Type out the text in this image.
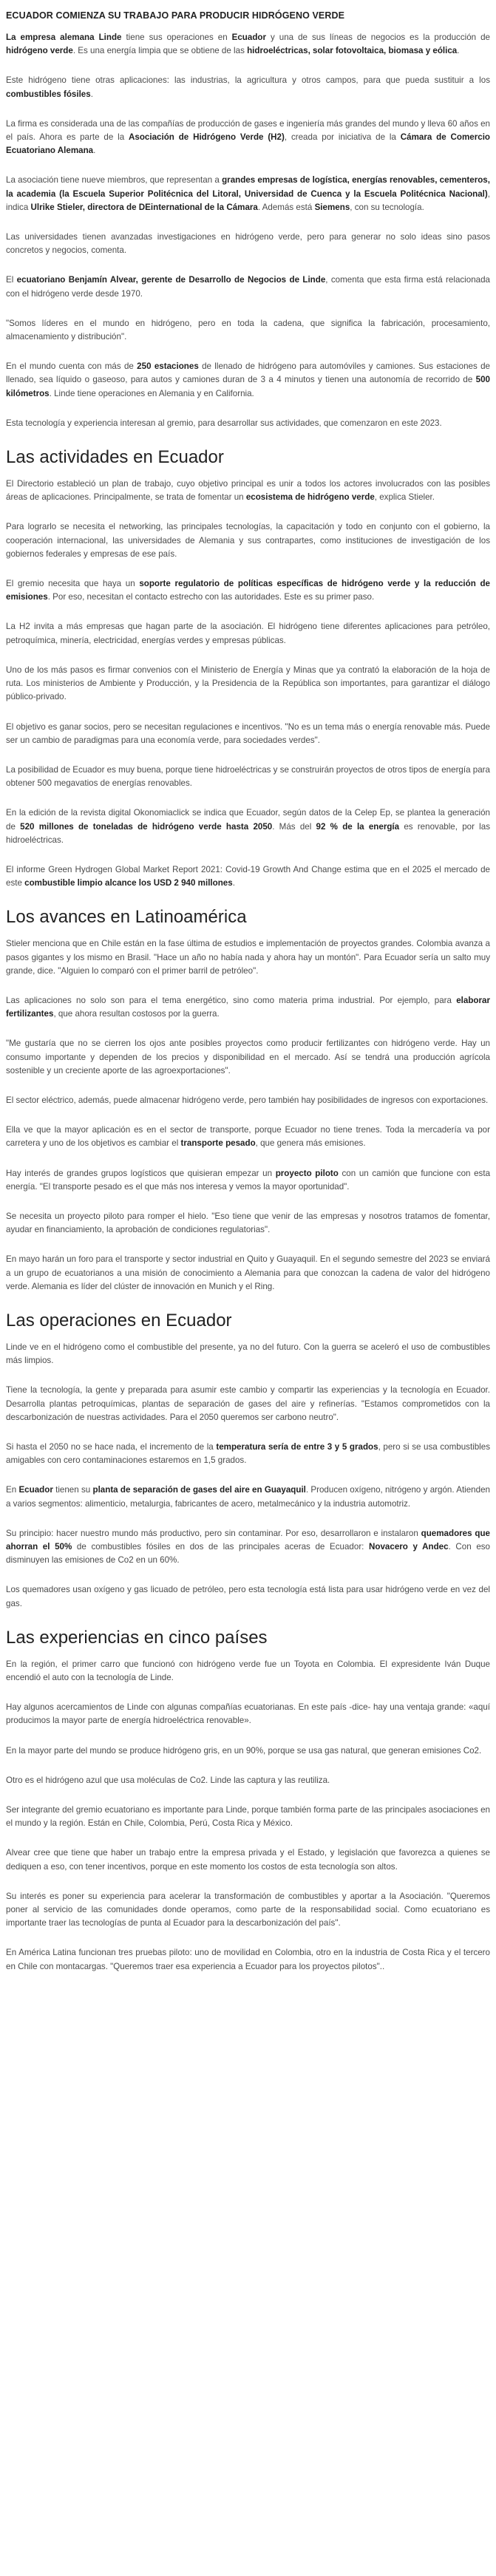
ECUADOR COMIENZA SU TRABAJO PARA PRODUCIR HIDRÓGENO VERDE

La empresa alemana Linde tiene sus operaciones en Ecuador y una de sus líneas de negocios es la producción de hidrógeno verde. Es una energía limpia que se obtiene de las hidroeléctricas, solar fotovoltaica, biomasa y eólica.

Este hidrógeno tiene otras aplicaciones: las industrias, la agricultura y otros campos, para que pueda sustituir a los combustibles fósiles.

La firma es considerada una de las compañías de producción de gases e ingeniería más grandes del mundo y lleva 60 años en el país. Ahora es parte de la Asociación de Hidrógeno Verde (H2), creada por iniciativa de la Cámara de Comercio Ecuatoriano Alemana.

La asociación tiene nueve miembros, que representan a grandes empresas de logística, energías renovables, cementeros, la academia (la Escuela Superior Politécnica del Litoral, Universidad de Cuenca y la Escuela Politécnica Nacional), indica Ulrike Stieler, directora de DEinternational de la Cámara. Además está Siemens, con su tecnología.

Las universidades tienen avanzadas investigaciones en hidrógeno verde, pero para generar no solo ideas sino pasos concretos y negocios, comenta.

El ecuatoriano Benjamín Alvear, gerente de Desarrollo de Negocios de Linde, comenta que esta firma está relacionada con el hidrógeno verde desde 1970.

"Somos líderes en el mundo en hidrógeno, pero en toda la cadena, que significa la fabricación, procesamiento, almacenamiento y distribución".

En el mundo cuenta con más de 250 estaciones de llenado de hidrógeno para automóviles y camiones. Sus estaciones de llenado, sea líquido o gaseoso, para autos y camiones duran de 3 a 4 minutos y tienen una autonomía de recorrido de 500 kilómetros. Linde tiene operaciones en Alemania y en California.

Esta tecnología y experiencia interesan al gremio, para desarrollar sus actividades, que comenzaron en este 2023.

Las actividades en Ecuador

El Directorio estableció un plan de trabajo, cuyo objetivo principal es unir a todos los actores involucrados con las posibles áreas de aplicaciones. Principalmente, se trata de fomentar un ecosistema de hidrógeno verde, explica Stieler.

Para lograrlo se necesita el networking, las principales tecnologías, la capacitación y todo en conjunto con el gobierno, la cooperación internacional, las universidades de Alemania y sus contrapartes, como instituciones de investigación de los gobiernos federales y empresas de ese país.

El gremio necesita que haya un soporte regulatorio de políticas específicas de hidrógeno verde y la reducción de emisiones. Por eso, necesitan el contacto estrecho con las autoridades. Este es su primer paso.

La H2 invita a más empresas que hagan parte de la asociación. El hidrógeno tiene diferentes aplicaciones para petróleo, petroquímica, minería, electricidad, energías verdes y empresas públicas.

Uno de los más pasos es firmar convenios con el Ministerio de Energía y Minas que ya contrató la elaboración de la hoja de ruta. Los ministerios de Ambiente y Producción, y la Presidencia de la República son importantes, para garantizar el diálogo público-privado.

El objetivo es ganar socios, pero se necesitan regulaciones e incentivos. "No es un tema más o energía renovable más. Puede ser un cambio de paradigmas para una economía verde, para sociedades verdes".

La posibilidad de Ecuador es muy buena, porque tiene hidroeléctricas y se construirán proyectos de otros tipos de energía para obtener 500 megavatios de energías renovables.

En la edición de la revista digital Okonomiaclick se indica que Ecuador, según datos de la Celep Ep, se plantea la generación de 520 millones de toneladas de hidrógeno verde hasta 2050. Más del 92 % de la energía es renovable, por las hidroeléctricas.

El informe Green Hydrogen Global Market Report 2021: Covid-19 Growth And Change estima que en el 2025 el mercado de este combustible limpio alcance los USD 2 940 millones.

Los avances en Latinoamérica

Stieler menciona que en Chile están en la fase última de estudios e implementación de proyectos grandes. Colombia avanza a pasos gigantes y los mismo en Brasil. "Hace un año no había nada y ahora hay un montón". Para Ecuador sería un salto muy grande, dice. "Alguien lo comparó con el primer barril de petróleo".

Las aplicaciones no solo son para el tema energético, sino como materia prima industrial. Por ejemplo, para elaborar fertilizantes, que ahora resultan costosos por la guerra.

"Me gustaría que no se cierren los ojos ante posibles proyectos como producir fertilizantes con hidrógeno verde. Hay un consumo importante y dependen de los precios y disponibilidad en el mercado. Así se tendrá una producción agrícola sostenible y un creciente aporte de las agroexportaciones".

El sector eléctrico, además, puede almacenar hidrógeno verde, pero también hay posibilidades de ingresos con exportaciones.

Ella ve que la mayor aplicación es en el sector de transporte, porque Ecuador no tiene trenes. Toda la mercadería va por carretera y uno de los objetivos es cambiar el transporte pesado, que genera más emisiones.

Hay interés de grandes grupos logísticos que quisieran empezar un proyecto piloto con un camión que funcione con esta energía. "El transporte pesado es el que más nos interesa y vemos la mayor oportunidad".

Se necesita un proyecto piloto para romper el hielo. "Eso tiene que venir de las empresas y nosotros tratamos de fomentar, ayudar en financiamiento, la aprobación de condiciones regulatorias".

En mayo harán un foro para el transporte y sector industrial en Quito y Guayaquil. En el segundo semestre del 2023 se enviará a un grupo de ecuatorianos a una misión de conocimiento a Alemania para que conozcan la cadena de valor del hidrógeno verde. Alemania es líder del clúster de innovación en Munich y el Ring.

Las operaciones en Ecuador

Linde ve en el hidrógeno como el combustible del presente, ya no del futuro. Con la guerra se aceleró el uso de combustibles más limpios.

Tiene la tecnología, la gente y preparada para asumir este cambio y compartir las experiencias y la tecnología en Ecuador. Desarrolla plantas petroquímicas, plantas de separación de gases del aire y refinerías. "Estamos comprometidos con la descarbonización de nuestras actividades. Para el 2050 queremos ser carbono neutro".

Si hasta el 2050 no se hace nada, el incremento de la temperatura sería de entre 3 y 5 grados, pero si se usa combustibles amigables con cero contaminaciones estaremos en 1,5 grados.

En Ecuador tienen su planta de separación de gases del aire en Guayaquil. Producen oxígeno, nitrógeno y argón. Atienden a varios segmentos: alimenticio, metalurgia, fabricantes de acero, metalmecánico y la industria automotriz.

Su principio: hacer nuestro mundo más productivo, pero sin contaminar. Por eso, desarrollaron e instalaron quemadores que ahorran el 50% de combustibles fósiles en dos de las principales aceras de Ecuador: Novacero y Andec. Con eso disminuyen las emisiones de Co2 en un 60%.

Los quemadores usan oxígeno y gas licuado de petróleo, pero esta tecnología está lista para usar hidrógeno verde en vez del gas.

Las experiencias en cinco países

En la región, el primer carro que funcionó con hidrógeno verde fue un Toyota en Colombia. El expresidente Iván Duque encendió el auto con la tecnología de Linde.

Hay algunos acercamientos de Linde con algunas compañías ecuatorianas. En este país -dice- hay una ventaja grande: «aquí producimos la mayor parte de energía hidroeléctrica renovable».

En la mayor parte del mundo se produce hidrógeno gris, en un 90%, porque se usa gas natural, que generan emisiones Co2.

Otro es el hidrógeno azul que usa moléculas de Co2. Linde las captura y las reutiliza.

Ser integrante del gremio ecuatoriano es importante para Linde, porque también forma parte de las principales asociaciones en el mundo y la región. Están en Chile, Colombia, Perú, Costa Rica y México.

Alvear cree que tiene que haber un trabajo entre la empresa privada y el Estado, y legislación que favorezca a quienes se dediquen a eso, con tener incentivos, porque en este momento los costos de esta tecnología son altos.

Su interés es poner su experiencia para acelerar la transformación de combustibles y aportar a la Asociación. "Queremos poner al servicio de las comunidades donde operamos, como parte de la responsabilidad social. Como ecuatoriano es importante traer las tecnologías de punta al Ecuador para la descarbonización del país".

En América Latina funcionan tres pruebas piloto: uno de movilidad en Colombia, otro en la industria de Costa Rica y el tercero en Chile con montacargas. "Queremos traer esa experiencia a Ecuador para los proyectos pilotos"..
